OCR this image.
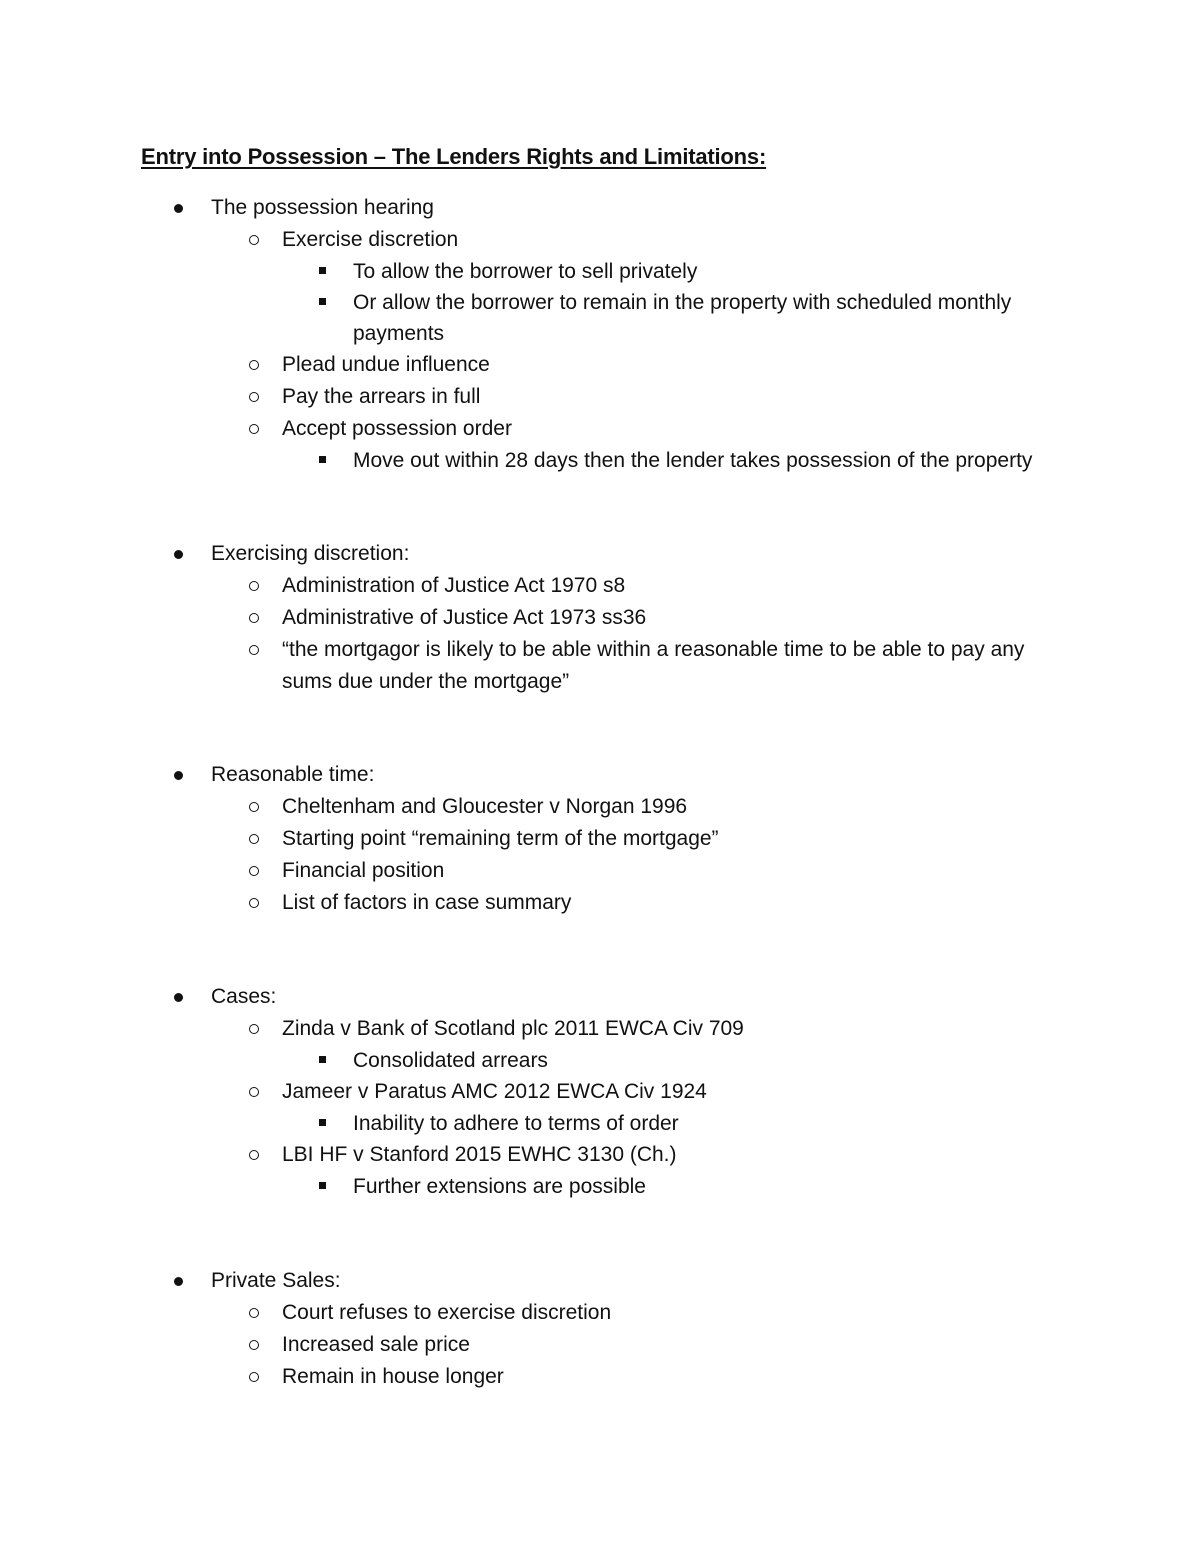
Entry into Possession – The Lenders Rights and Limitations:
The possession hearing
Exercise discretion
To allow the borrower to sell privately
Or allow the borrower to remain in the property with scheduled monthly payments
Plead undue influence
Pay the arrears in full
Accept possession order
Move out within 28 days then the lender takes possession of the property
Exercising discretion:
Administration of Justice Act 1970 s8
Administrative of Justice Act 1973 ss36
“the mortgagor is likely to be able within a reasonable time to be able to pay any sums due under the mortgage”
Reasonable time:
Cheltenham and Gloucester v Norgan 1996
Starting point “remaining term of the mortgage”
Financial position
List of factors in case summary
Cases:
Zinda v Bank of Scotland plc 2011 EWCA Civ 709
Consolidated arrears
Jameer v Paratus AMC 2012 EWCA Civ 1924
Inability to adhere to terms of order
LBI HF v Stanford 2015 EWHC 3130 (Ch.)
Further extensions are possible
Private Sales:
Court refuses to exercise discretion
Increased sale price
Remain in house longer
